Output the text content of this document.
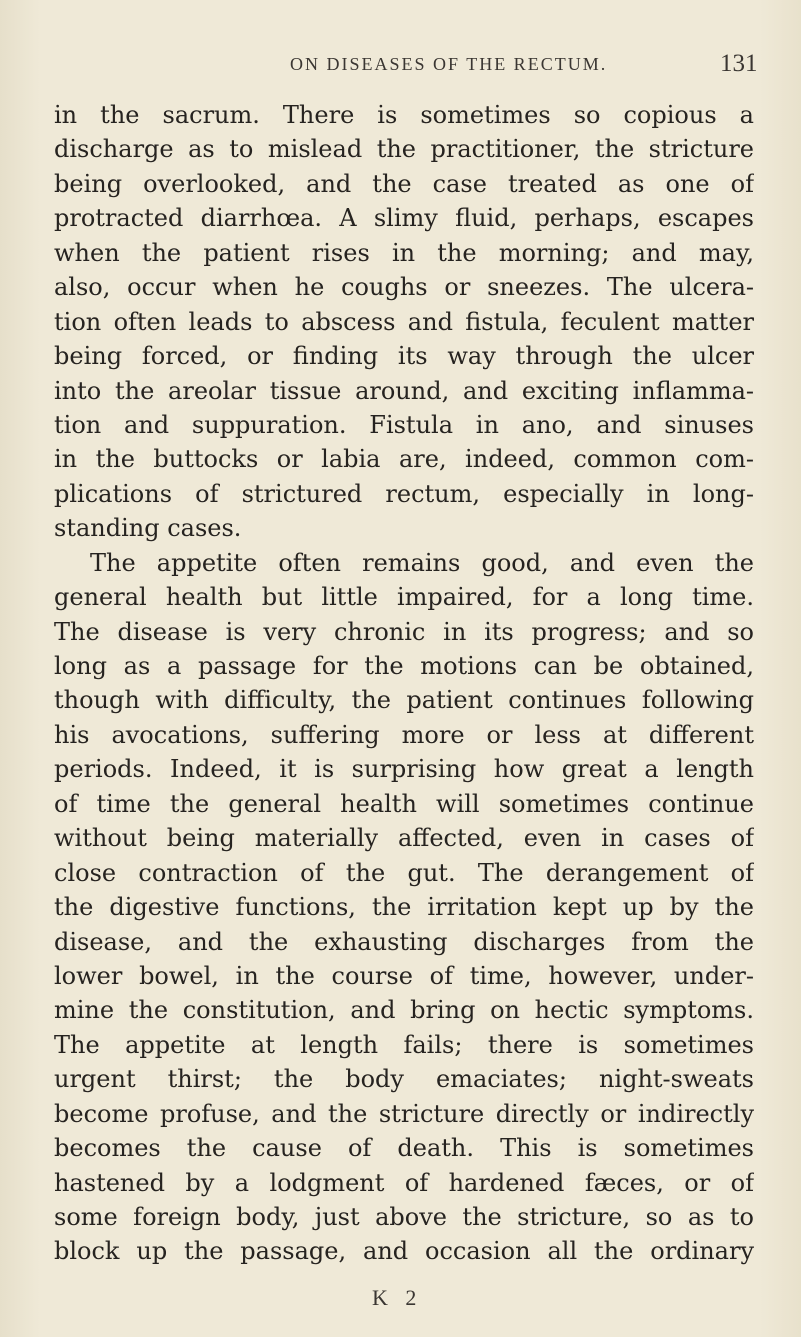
ON DISEASES OF THE RECTUM.	131
in the sacrum. There is sometimes so copious a
discharge as to mislead the practitioner, the stricture
being overlooked, and the case treated as one of
protracted diarrhœa. A slimy fluid, perhaps, escapes
when the patient rises in the morning; and may,
also, occur when he coughs or sneezes. The ulcera-
tion often leads to abscess and fistula, feculent matter
being forced, or finding its way through the ulcer
into the areolar tissue around, and exciting inflamma-
tion and suppuration. Fistula in ano, and sinuses
in the buttocks or labia are, indeed, common com-
plications of strictured rectum, especially in long-
standing cases.
The appetite often remains good, and even the
general health but little impaired, for a long time.
The disease is very chronic in its progress; and so
long as a passage for the motions can be obtained,
though with difficulty, the patient continues following
his avocations, suffering more or less at different
periods. Indeed, it is surprising how great a length
of time the general health will sometimes continue
without being materially affected, even in cases of
close contraction of the gut. The derangement of
the digestive functions, the irritation kept up by the
disease, and the exhausting discharges from the
lower bowel, in the course of time, however, under-
mine the constitution, and bring on hectic symptoms.
The appetite at length fails; there is sometimes
urgent thirst; the body emaciates; night-sweats
become profuse, and the stricture directly or indirectly
becomes the cause of death. This is sometimes
hastened by a lodgment of hardened fæces, or of
some foreign body, just above the stricture, so as to
block up the passage, and occasion all the ordinary
K 2
